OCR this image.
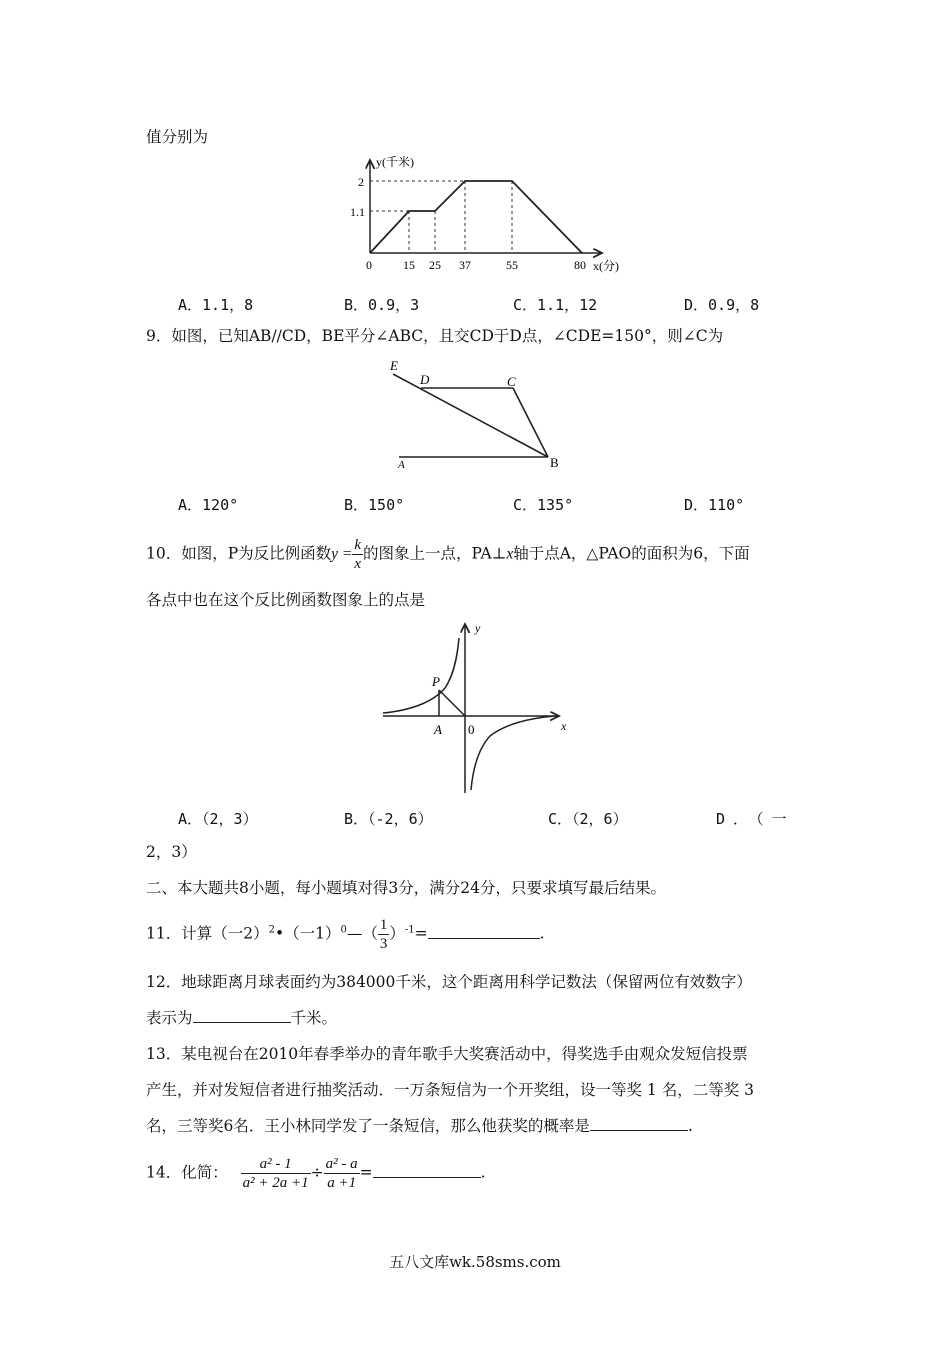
值分别为
y(千米)
x(分)
2
1.1
0	15 25 37	55	80
A．1.1，8	B．0.9，3	C．1.1，12	D．0.9，8
9．如图，已知AB//CD，BE平分∠ABC，且交CD于D点，∠CDE=150°，则∠C为
E
D	C
A	B
A．120°	B．150°	C．135°	D．110°
10．如图，P为反比例函数$y = \frac{k}{x}$ 的图象上一点，PA⊥x轴于点A，△PAO的面积为6，下面
各点中也在这个反比例函数图象上的点是
y
x
P
A 0
A．（2，3）	B．（-2，6）	C．（2，6）	D．（一
2，3）
二、本大题共8小题，每小题填对得3分，满分24分，只要求填写最后结果。
11．计算（一2）$^2$•（一1）$^0$—（ $\frac{1}{3} )^{-1}=$	.
12．地球距离月球表面约为384000千米，这个距离用科学记数法（保留两位有效数字）
表示为	千米。
13．某电视台在2010年春季举办的青年歌手大奖赛活动中，得奖选手由观众发短信投票
产生，并对发短信者进行抽奖活动．一万条短信为一个开奖组，设一等奖 1 名，二等奖 3
名，三等奖6名．王小林同学发了一条短信，那么他获奖的概率是	.
14．化简： $\frac{\text{a² - 1}}{\text{a² + 2a +1}} \div \frac{\text{a² - a}}{a +1}$ =	.
五八文库wk.58sms.com
